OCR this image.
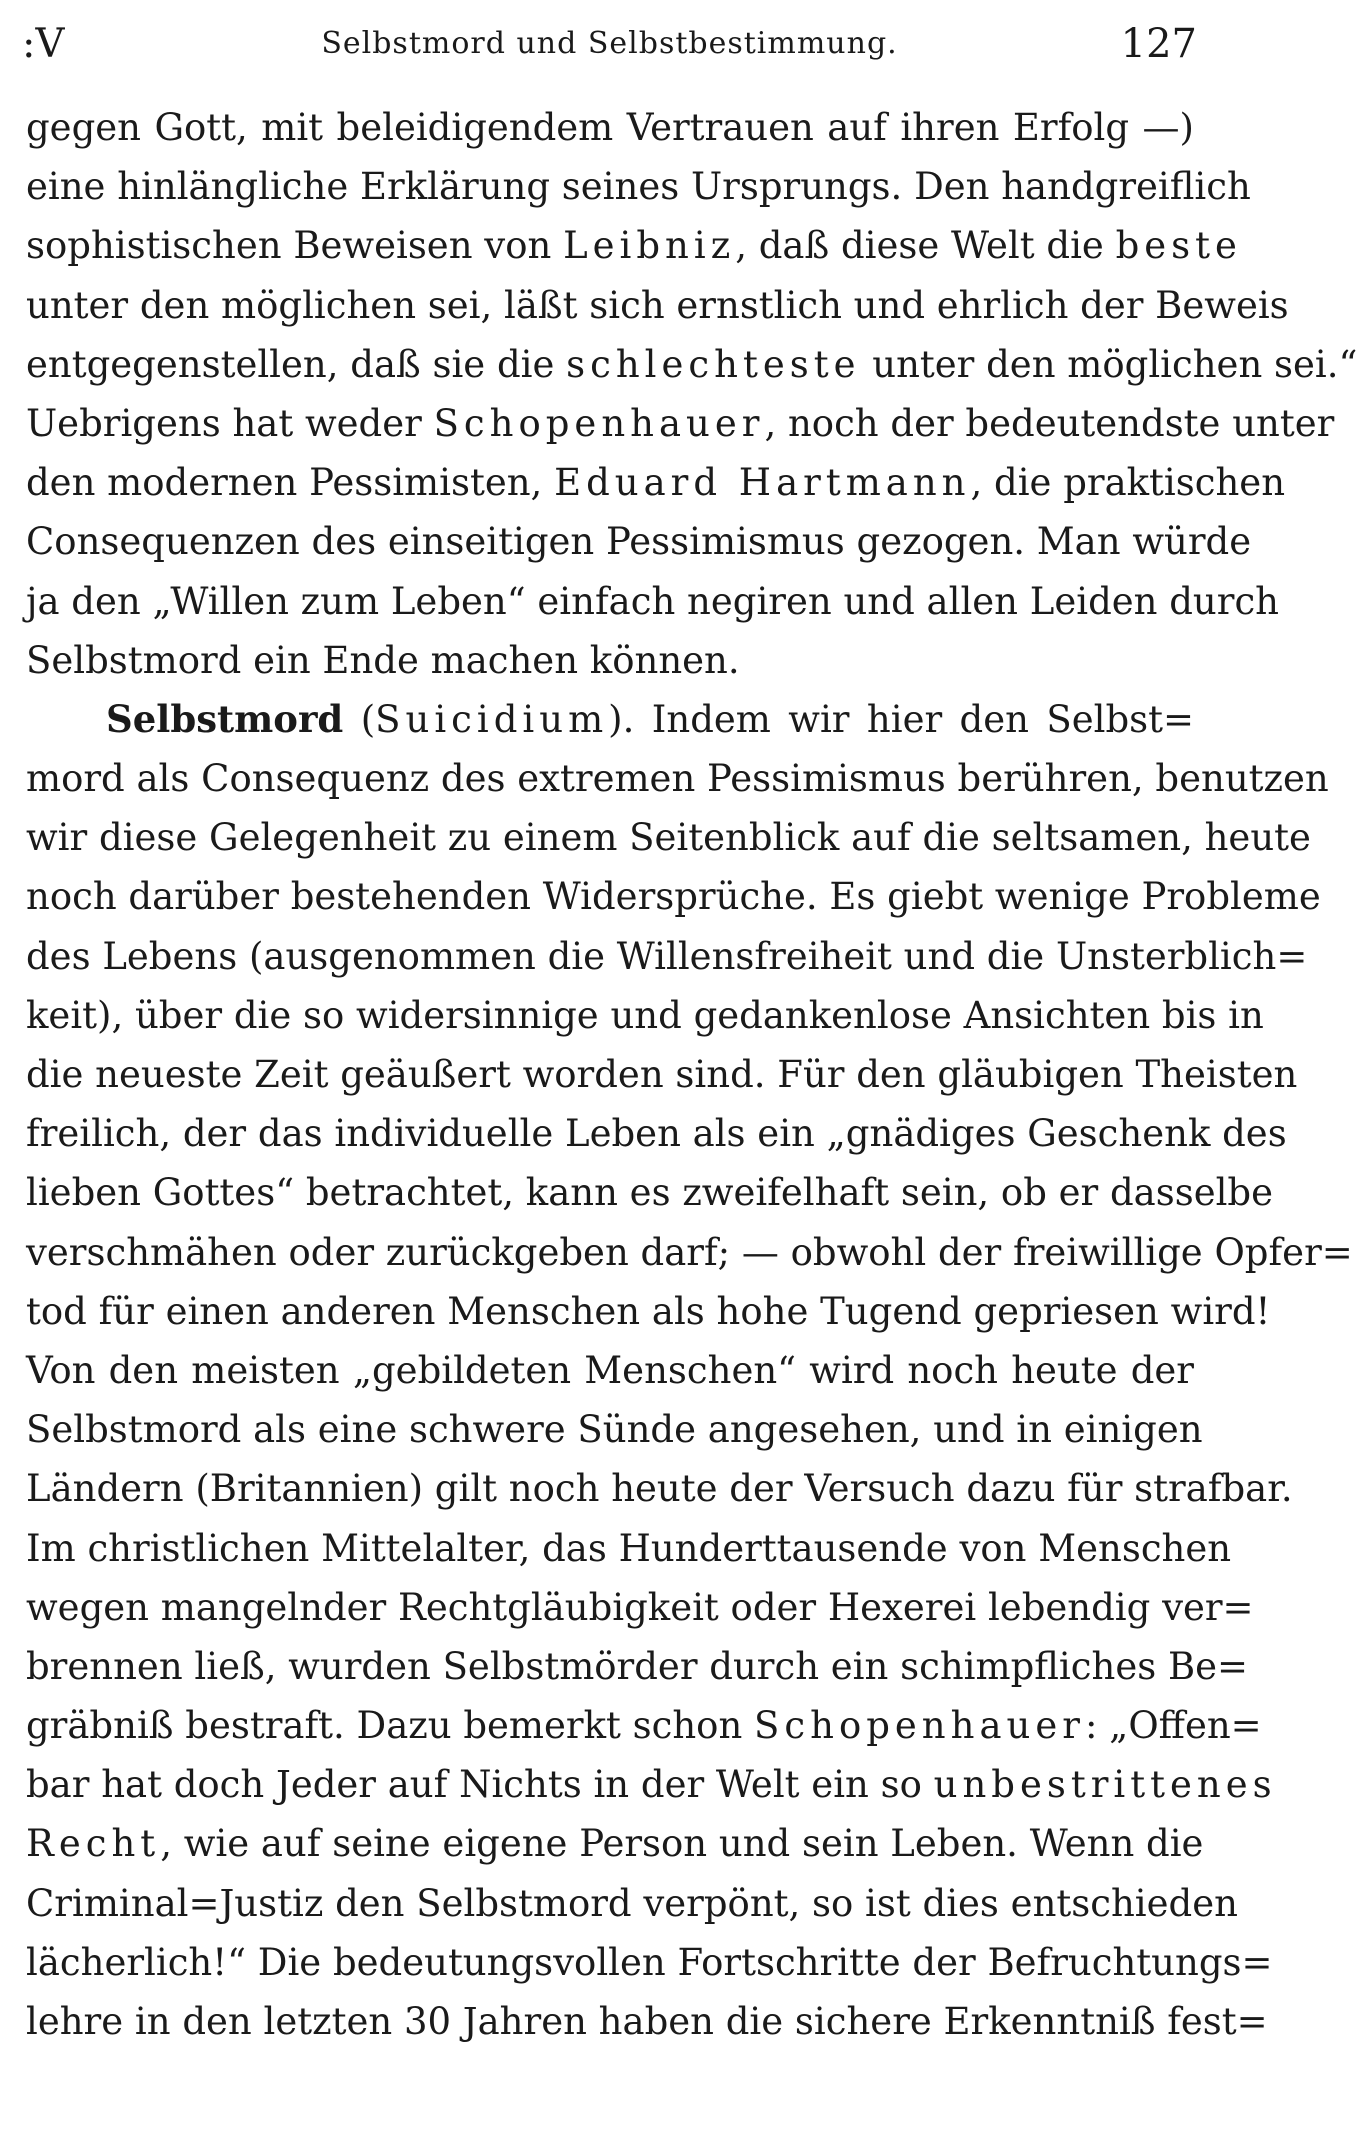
:V	Selbstmord und Selbstbestimmung.	127
gegen Gott, mit beleidigendem Vertrauen auf ihren Erfolg —)
eine hinlängliche Erklärung seines Ursprungs. Den handgreiflich
sophistischen Beweisen von Leibniz, daß diese Welt die beste
unter den möglichen sei, läßt sich ernstlich und ehrlich der Beweis
entgegenstellen, daß sie die schlechteste unter den möglichen sei.“
Uebrigens hat weder Schopenhauer, noch der bedeutendste unter
den modernen Pessimisten, Eduard Hartmann, die praktischen
Consequenzen des einseitigen Pessimismus gezogen. Man würde
ja den „Willen zum Leben“ einfach negiren und allen Leiden durch
Selbstmord ein Ende machen können.
Selbstmord (Suicidium). Indem wir hier den Selbst=
mord als Consequenz des extremen Pessimismus berühren, benutzen
wir diese Gelegenheit zu einem Seitenblick auf die seltsamen, heute
noch darüber bestehenden Widersprüche. Es giebt wenige Probleme
des Lebens (ausgenommen die Willensfreiheit und die Unsterblich=
keit), über die so widersinnige und gedankenlose Ansichten bis in
die neueste Zeit geäußert worden sind. Für den gläubigen Theisten
freilich, der das individuelle Leben als ein „gnädiges Geschenk des
lieben Gottes“ betrachtet, kann es zweifelhaft sein, ob er dasselbe
verschmähen oder zurückgeben darf; — obwohl der freiwillige Opfer=
tod für einen anderen Menschen als hohe Tugend gepriesen wird!
Von den meisten „gebildeten Menschen“ wird noch heute der
Selbstmord als eine schwere Sünde angesehen, und in einigen
Ländern (Britannien) gilt noch heute der Versuch dazu für strafbar.
Im christlichen Mittelalter, das Hunderttausende von Menschen
wegen mangelnder Rechtgläubigkeit oder Hexerei lebendig ver=
brennen ließ, wurden Selbstmörder durch ein schimpfliches Be=
gräbniß bestraft. Dazu bemerkt schon Schopenhauer: „Offen=
bar hat doch Jeder auf Nichts in der Welt ein so unbestrittenes
Recht, wie auf seine eigene Person und sein Leben. Wenn die
Criminal=Justiz den Selbstmord verpönt, so ist dies entschieden
lächerlich!“ Die bedeutungsvollen Fortschritte der Befruchtungs=
lehre in den letzten 30 Jahren haben die sichere Erkenntniß fest=
